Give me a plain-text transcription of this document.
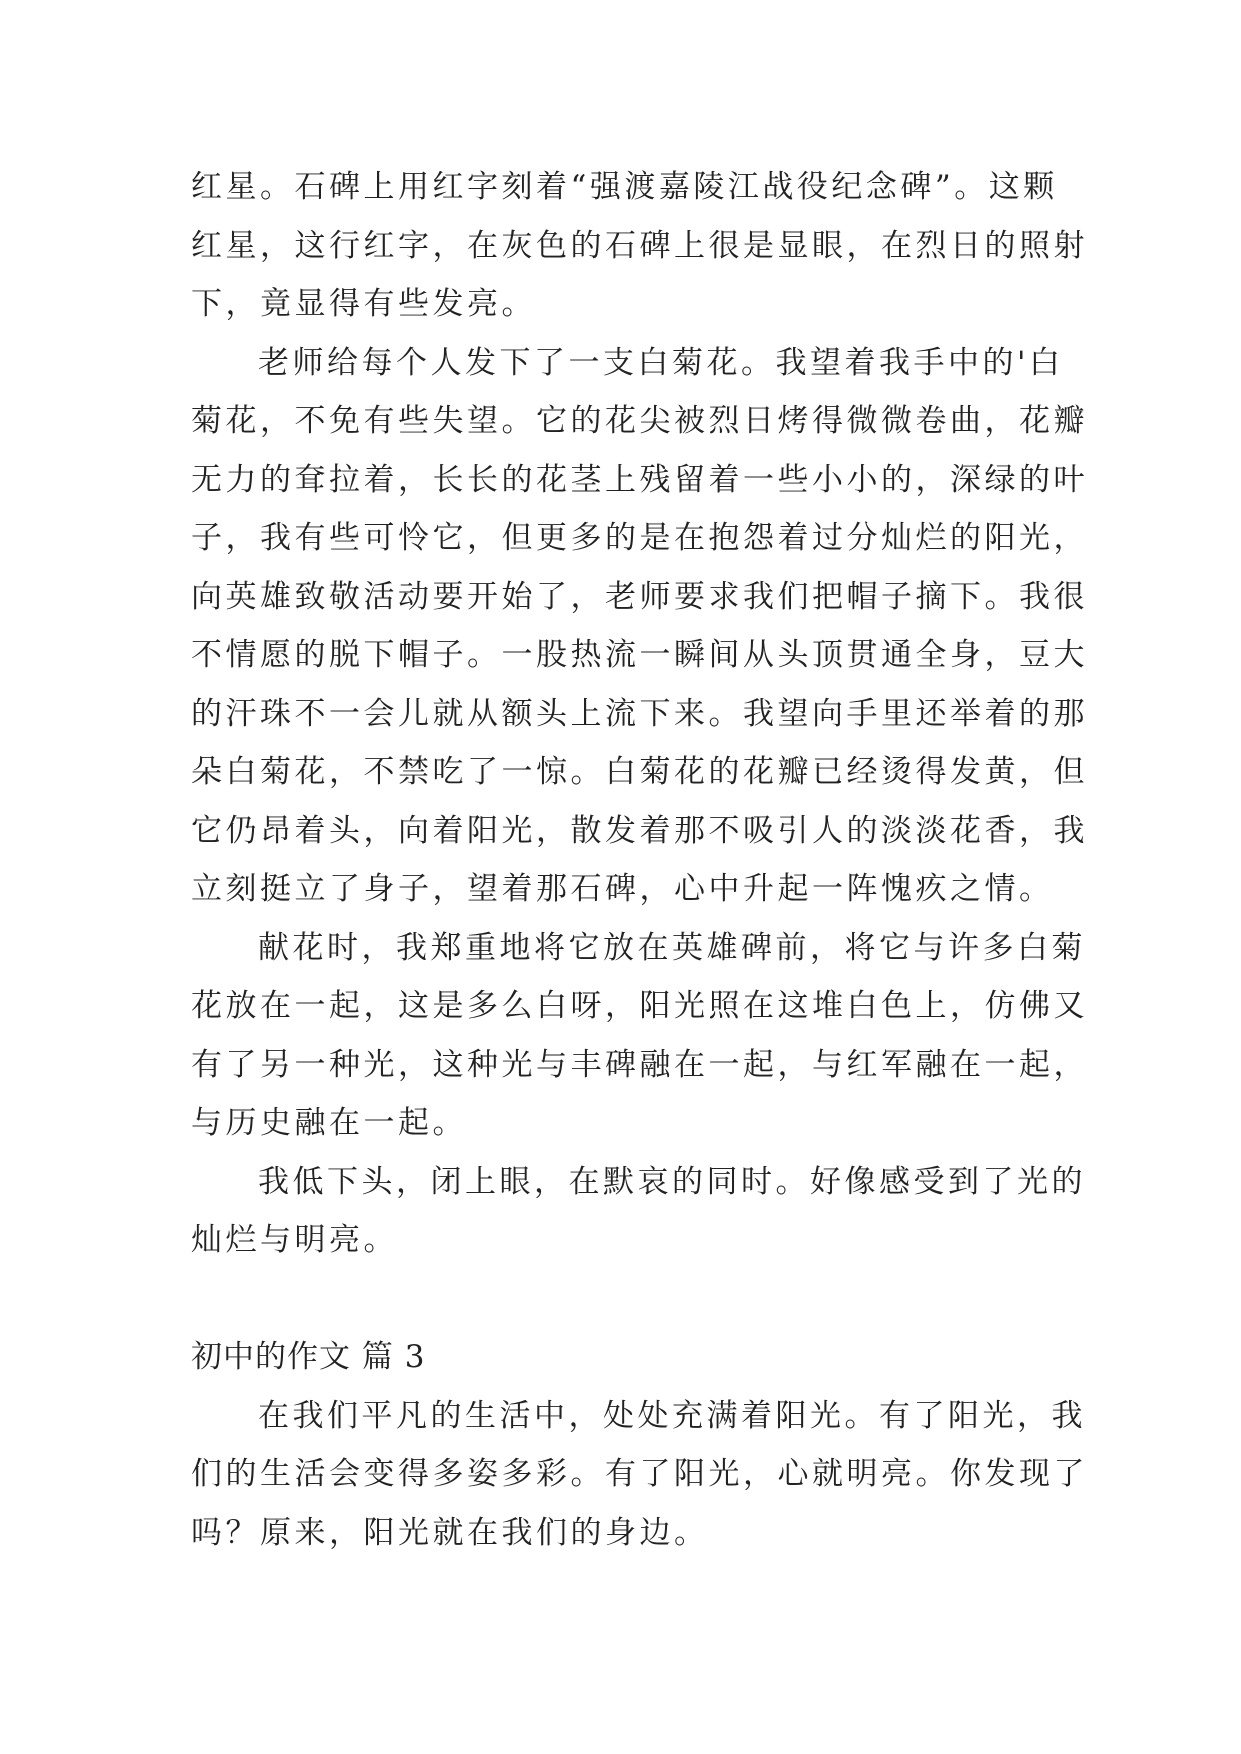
红星。石碑上用红字刻着“强渡嘉陵江战役纪念碑”。这颗
红星，这行红字，在灰色的石碑上很是显眼，在烈日的照射
下，竟显得有些发亮。
老师给每个人发下了一支白菊花。我望着我手中的'白
菊花，不免有些失望。它的花尖被烈日烤得微微卷曲，花瓣
无力的耷拉着，长长的花茎上残留着一些小小的，深绿的叶
子，我有些可怜它，但更多的是在抱怨着过分灿烂的阳光，
向英雄致敬活动要开始了，老师要求我们把帽子摘下。我很
不情愿的脱下帽子。一股热流一瞬间从头顶贯通全身，豆大
的汗珠不一会儿就从额头上流下来。我望向手里还举着的那
朵白菊花，不禁吃了一惊。白菊花的花瓣已经烫得发黄，但
它仍昂着头，向着阳光，散发着那不吸引人的淡淡花香，我
立刻挺立了身子，望着那石碑，心中升起一阵愧疚之情。
献花时，我郑重地将它放在英雄碑前，将它与许多白菊
花放在一起，这是多么白呀，阳光照在这堆白色上，仿佛又
有了另一种光，这种光与丰碑融在一起，与红军融在一起，
与历史融在一起。
我低下头，闭上眼，在默哀的同时。好像感受到了光的
灿烂与明亮。
初中的作文 篇 3
在我们平凡的生活中，处处充满着阳光。有了阳光，我
们的生活会变得多姿多彩。有了阳光，心就明亮。你发现了
吗？原来，阳光就在我们的身边。
